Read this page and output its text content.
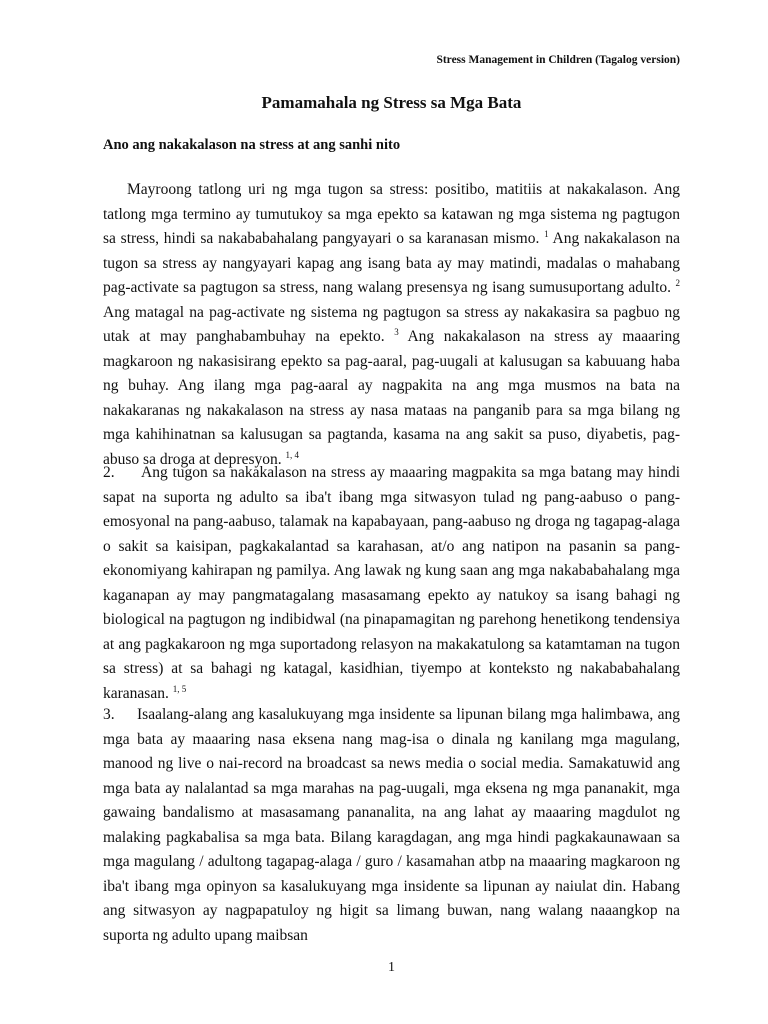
Stress Management in Children (Tagalog version)
Pamamahala ng Stress sa Mga Bata
Ano ang nakakalason na stress at ang sanhi nito

Mayroong tatlong uri ng mga tugon sa stress: positibo, matitiis at nakakalason. Ang tatlong mga termino ay tumutukoy sa mga epekto sa katawan ng mga sistema ng pagtugon sa stress, hindi sa nakababahalang pangyayari o sa karanasan mismo. $^1$ Ang nakakalason na tugon sa stress ay nangyayari kapag ang isang bata ay may matindi, madalas o mahabang pag-activate sa pagtugon sa stress, nang walang presensya ng isang sumusuportang adulto. $^2$ Ang matagal na pag-activate ng sistema ng pagtugon sa stress ay nakakasira sa pagbuo ng utak at may panghabambuhay na epekto. $^3$ Ang nakakalason na stress ay maaaring magkaroon ng nakasisirang epekto sa pag-aaral, pag-uugali at kalusugan sa kabuuang haba ng buhay. Ang ilang mga pag-aaral ay nagpakita na ang mga musmos na bata na nakakaranas ng nakakalason na stress ay nasa mataas na panganib para sa mga bilang ng mga kahihinatnan sa kalusugan sa pagtanda, kasama na ang sakit sa puso, diyabetis, pag-abuso sa droga at depresyon. $^{1, 4}$

2. Ang tugon sa nakakalason na stress ay maaaring magpakita sa mga batang may hindi sapat na suporta ng adulto sa iba't ibang mga sitwasyon tulad ng pang-aabuso o pang-emosyonal na pang-aabuso, talamak na kapabayaan, pang-aabuso ng droga ng tagapag-alaga o sakit sa kaisipan, pagkakalantad sa karahasan, at/o ang natipon na pasanin sa pang-ekonomiyang kahirapan ng pamilya. Ang lawak ng kung saan ang mga nakababahalang mga kaganapan ay may pangmatagalang masasamang epekto ay natukoy sa isang bahagi ng biological na pagtugon ng indibidwal (na pinapamagitan ng parehong henetikong tendensiya at ang pagkakaroon ng mga suportadong relasyon na makakatulong sa katamtaman na tugon sa stress) at sa bahagi ng katagal, kasidhian, tiyempo at konteksto ng nakababahalang karanasan. $^{1, 5}$

3. Isaalang-alang ang kasalukuyang mga insidente sa lipunan bilang mga halimbawa, ang mga bata ay maaaring nasa eksena nang mag-isa o dinala ng kanilang mga magulang, manood ng live o nai-record na broadcast sa news media o social media. Samakatuwid ang mga bata ay nalalantad sa mga marahas na pag-uugali, mga eksena ng mga pananakit, mga gawaing bandalismo at masasamang pananalita, na ang lahat ay maaaring magdulot ng malaking pagkabalisa sa mga bata. Bilang karagdagan, ang mga hindi pagkakaunawaan sa mga magulang / adultong tagapag-alaga / guro / kasamahan atbp na maaaring magkaroon ng iba't ibang mga opinyon sa kasalukuyang mga insidente sa lipunan ay naiulat din. Habang ang sitwasyon ay nagpapatuloy ng higit sa limang buwan, nang walang naaangkop na suporta ng adulto upang maibsan

1
